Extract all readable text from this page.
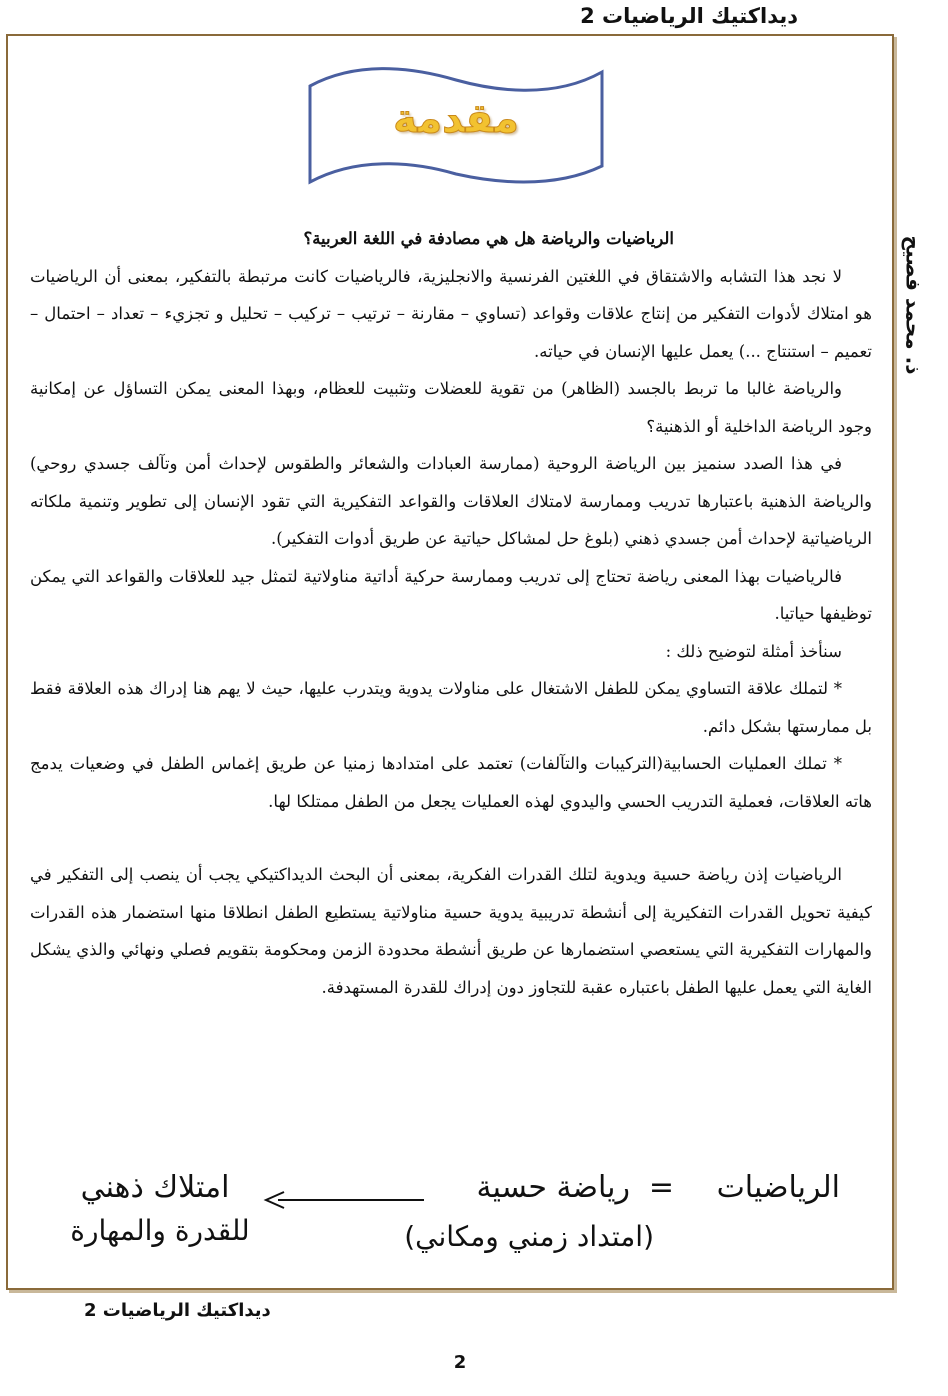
ديداكتيك الرياضيات 2
مقدمة
ذ. محمد فصيح

الرياضيات والرياضة هل هي مصادفة في اللغة العربية؟

لا نجد هذا التشابه والاشتقاق في اللغتين الفرنسية والانجليزية، فالرياضيات كانت مرتبطة بالتفكير، بمعنى أن الرياضيات هو امتلاك لأدوات التفكير من إنتاج علاقات وقواعد (تساوي – مقارنة – ترتيب – تركيب – تحليل و تجزيء – تعداد – احتمال – تعميم – استنتاج ...) يعمل عليها الإنسان في حياته.

والرياضة غالبا ما تربط بالجسد (الظاهر) من تقوية للعضلات وتثبيت للعظام، وبهذا المعنى يمكن التساؤل عن إمكانية وجود الرياضة الداخلية أو الذهنية؟

في هذا الصدد سنميز بين الرياضة الروحية (ممارسة العبادات والشعائر والطقوس لإحداث أمن وتآلف جسدي روحي) والرياضة الذهنية باعتبارها تدريب وممارسة لامتلاك العلاقات والقواعد التفكيرية التي تقود الإنسان إلى تطوير وتنمية ملكاته الرياضياتية لإحداث أمن جسدي ذهني (بلوغ حل لمشاكل حياتية عن طريق أدوات التفكير).

فالرياضيات بهذا المعنى رياضة تحتاج إلى تدريب وممارسة حركية أداتية مناولاتية لتمثل جيد للعلاقات والقواعد التي يمكن توظيفها حياتيا.

سنأخذ أمثلة لتوضيح ذلك :

* لتملك علاقة التساوي يمكن للطفل الاشتغال على مناولات يدوية ويتدرب عليها، حيث لا يهم هنا إدراك هذه العلاقة فقط بل ممارستها بشكل دائم.

* تملك العمليات الحسابية(التركيبات والتآلفات) تعتمد على امتدادها زمنيا عن طريق إغماس الطفل في وضعيات يدمج هاته العلاقات، فعملية التدريب الحسي واليدوي لهذه العمليات يجعل من الطفل ممتلكا لها.

الرياضيات إذن رياضة حسية ويدوية لتلك القدرات الفكرية، بمعنى أن البحث الديداكتيكي يجب أن ينصب إلى التفكير في كيفية تحويل القدرات التفكيرية إلى أنشطة تدريبية يدوية حسية مناولاتية يستطيع الطفل انطلاقا منها استضمار هذه القدرات والمهارات التفكيرية التي يستعصي استضمارها عن طريق أنشطة محدودة الزمن ومحكومة بتقويم فصلي ونهائي والذي يشكل الغاية التي يعمل عليها الطفل باعتباره عقبة للتجاوز دون إدراك للقدرة المستهدفة.

الرياضيات
=
رياضة حسية
امتلاك ذهني
للقدرة والمهارة	(امتداد زمني ومكاني)
ديداكتيك الرياضيات 2
2
